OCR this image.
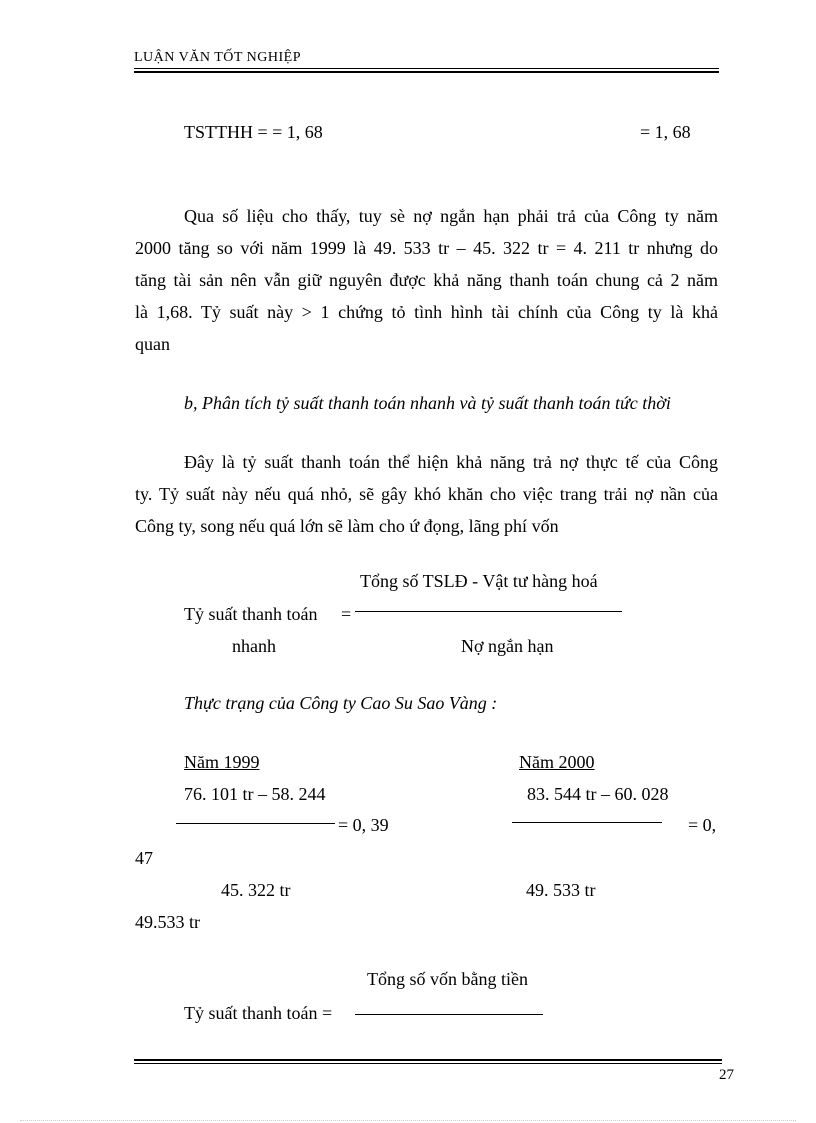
LUẬN VĂN TỐT NGHIỆP
TSTTHH = = 1, 68	= 1, 68
Qua số liệu cho thấy, tuy sè nợ ngắn hạn phải trả của Công ty năm
2000 tăng so với năm 1999 là 49. 533 tr – 45. 322 tr = 4. 211 tr nhưng do
tăng tài sản nên vẫn giữ nguyên được khả năng thanh toán chung cả 2 năm
là 1,68. Tỷ suất này > 1 chứng tỏ tình hình tài chính của Công ty là khả
quan
b, Phân tích tỷ suất thanh toán nhanh và tỷ suất thanh toán tức thời
Đây là tỷ suất thanh toán thể hiện khả năng trả nợ thực tế của Công
ty. Tỷ suất này nếu quá nhỏ, sẽ gây khó khăn cho việc trang trải nợ nần của
Công ty, song nếu quá lớn sẽ làm cho ứ đọng, lãng phí vốn
Tổng số TSLĐ - Vật tư hàng hoá
Tỷ suất thanh toán =
nhanh	Nợ ngắn hạn
Thực trạng của Công ty Cao Su Sao Vàng :
Năm 1999
76. 101 tr – 58. 244
= 0, 39
45. 322 tr
Năm 2000
83. 544 tr – 60. 028
= 0,
47
49. 533 tr
49.533 tr
Tổng số vốn bằng tiền
Tỷ suất thanh toán =
27
